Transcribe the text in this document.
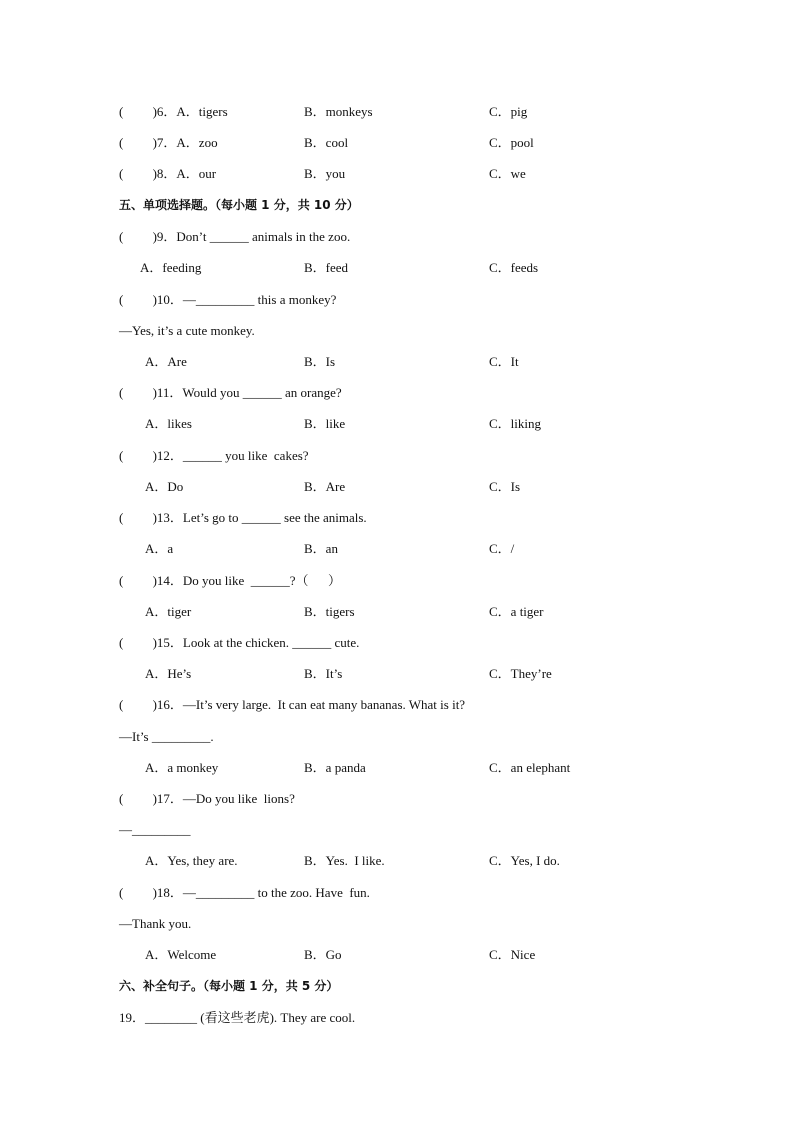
(         )6．A．tigers	B．monkeys	C．pig
(         )7．A．zoo	B．cool	C．pool
(         )8．A．our	B．you	C．we
五、单项选择题。（每小题 1 分，共 10 分）
(         )9．Don’t ______ animals in the zoo.
A．feeding	B．feed	C．feeds
(         )10．—_________ this a monkey?
—Yes, it’s a cute monkey.
A．Are	B．Is	C．It
(         )11．Would you ______ an orange?
A．likes	B．like	C．liking
(         )12．______ you like  cakes?
A．Do	B．Are	C．Is
(         )13．Let’s go to ______ see the animals.
A．a	B．an	C．/
(         )14．Do you like  ______?（      ）
A．tiger	B．tigers	C．a tiger
(         )15．Look at the chicken. ______ cute.
A．He’s	B．It’s	C．They’re
(         )16．—It’s very large.  It can eat many bananas. What is it?
—It’s _________.
A．a monkey	B．a panda	C．an elephant
(         )17．—Do you like  lions?
—_________
A．Yes, they are.	B．Yes.  I like.	C．Yes, I do.
(         )18．—_________ to the zoo. Have  fun.
—Thank you.
A．Welcome	B．Go	C．Nice
六、补全句子。（每小题 1 分，共 5 分）
19．________ (看这些老虎). They are cool.
